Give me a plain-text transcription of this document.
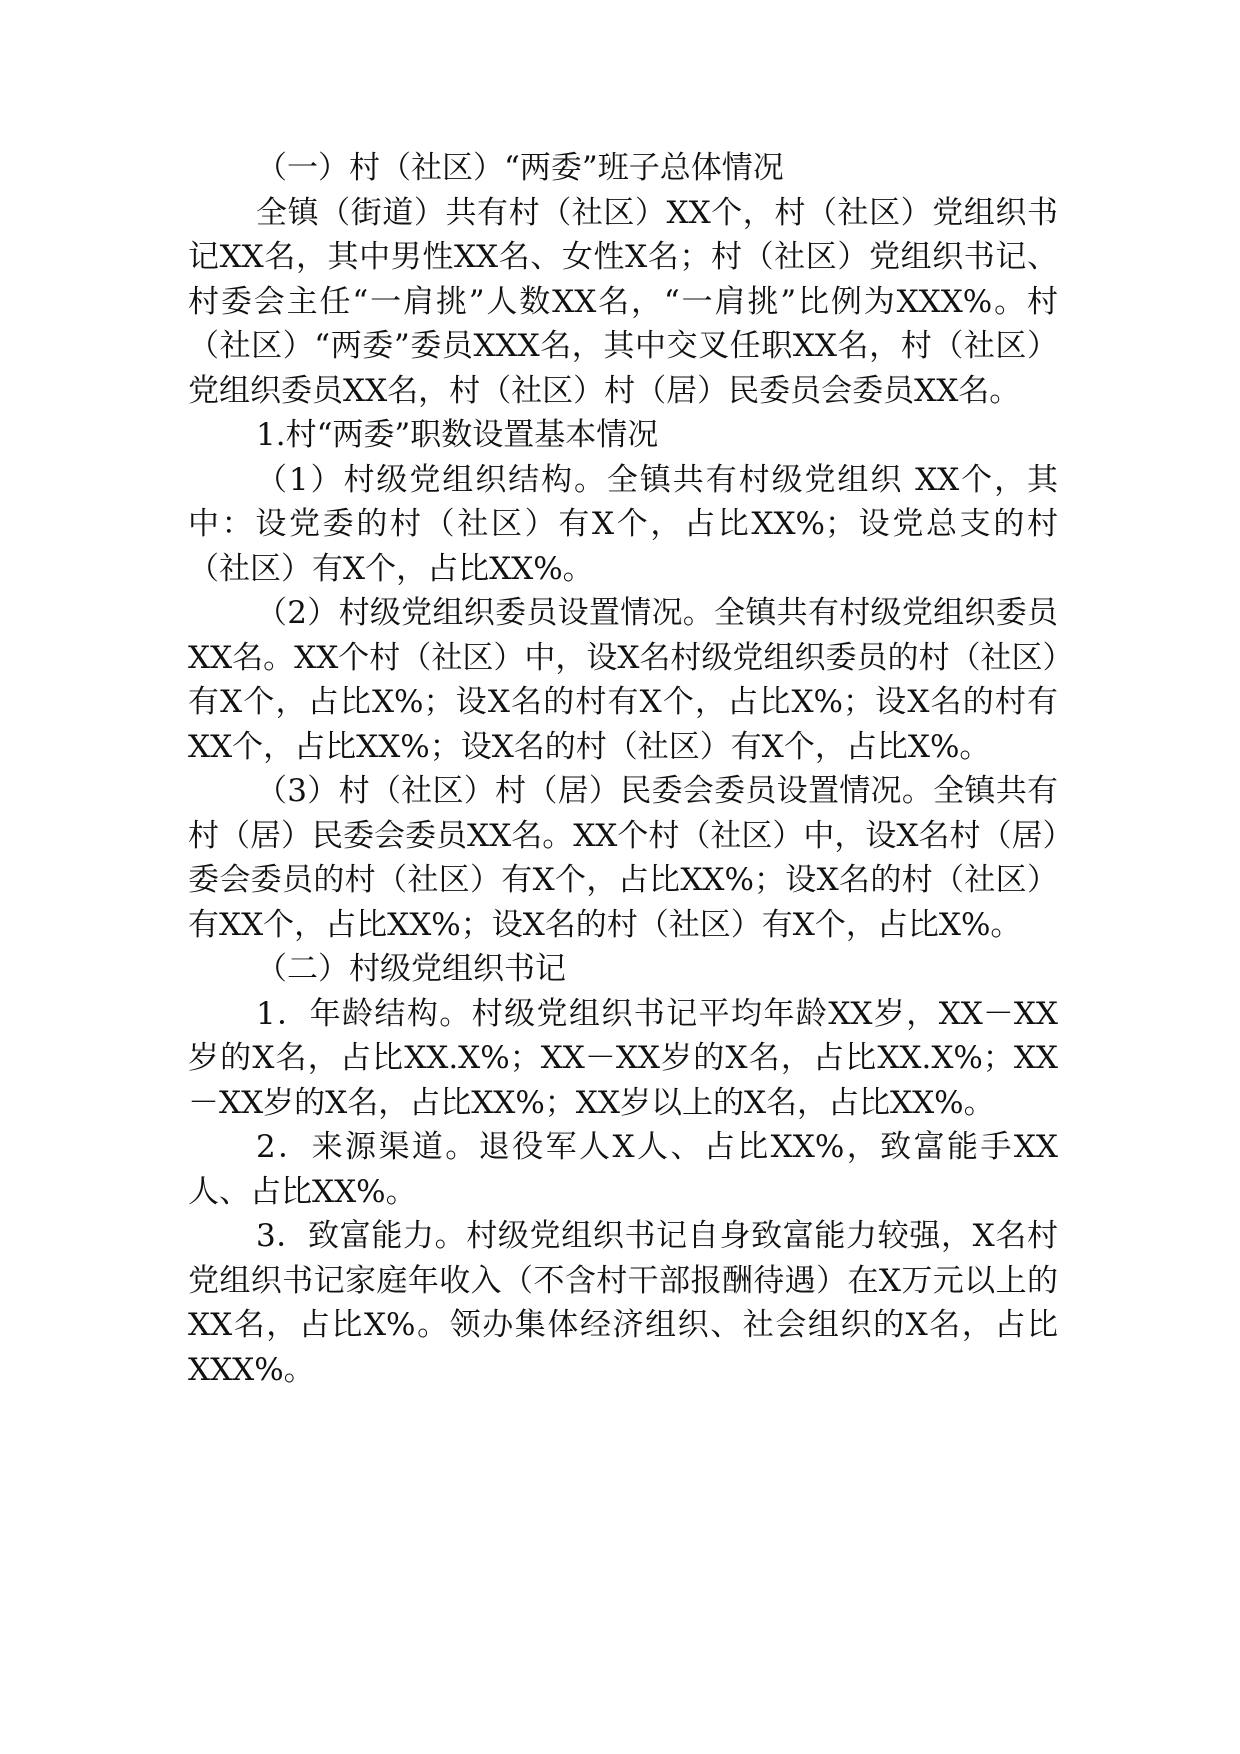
（一）村（社区）“两委”班子总体情况

全镇（街道）共有村（社区）XX个，村（社区）党组织书记XX名，其中男性XX名、女性X名；村（社区）党组织书记、村委会主任“一肩挑”人数XX名，“一肩挑”比例为XXX%。村（社区）“两委”委员XXX名，其中交叉任职XX名，村（社区）党组织委员XX名，村（社区）村（居）民委员会委员XX名。

1.村“两委”职数设置基本情况

（1）村级党组织结构。全镇共有村级党组织 XX个，其中：设党委的村（社区）有X个，占比XX%；设党总支的村（社区）有X个，占比XX%。

（2）村级党组织委员设置情况。全镇共有村级党组织委员XX名。XX个村（社区）中，设X名村级党组织委员的村（社区）有X个，占比X%；设X名的村有X个，占比X%；设X名的村有XX个，占比XX%；设X名的村（社区）有X个，占比X%。

（3）村（社区）村（居）民委会委员设置情况。全镇共有村（居）民委会委员XX名。XX个村（社区）中，设X名村（居）委会委员的村（社区）有X个，占比XX%；设X名的村（社区）有XX个，占比XX%；设X名的村（社区）有X个，占比X%。

（二）村级党组织书记

1．年龄结构。村级党组织书记平均年龄XX岁，XX－XX岁的X名，占比XX.X%；XX－XX岁的X名，占比XX.X%；XX－XX岁的X名，占比XX%；XX岁以上的X名，占比XX%。

2．来源渠道。退役军人X人、占比XX%，致富能手XX人、占比XX%。

3．致富能力。村级党组织书记自身致富能力较强，X名村党组织书记家庭年收入（不含村干部报酬待遇）在X万元以上的XX名，占比X%。领办集体经济组织、社会组织的X名，占比XXX%。
